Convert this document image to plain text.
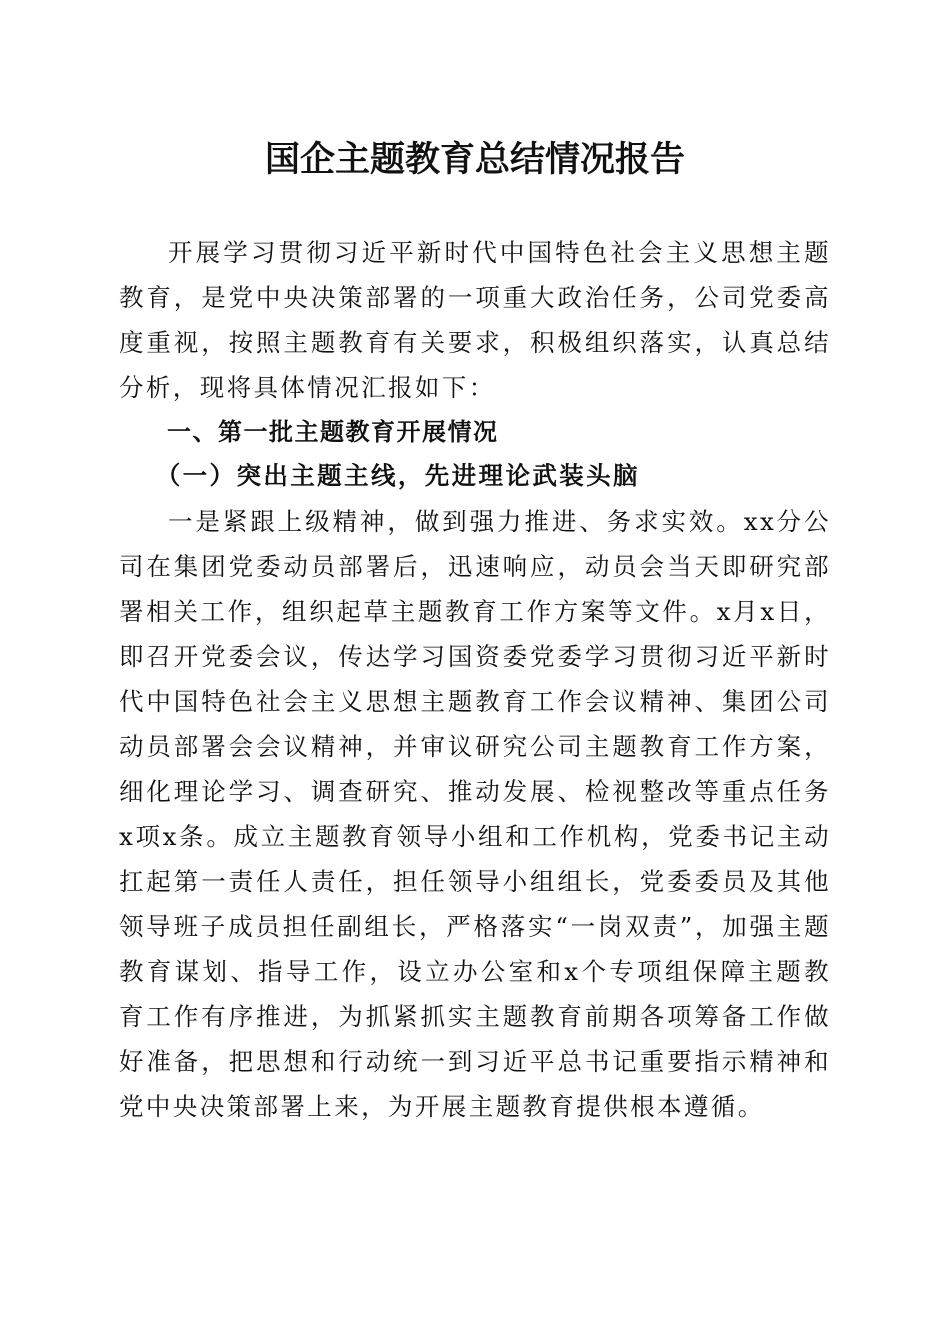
国企主题教育总结情况报告

开展学习贯彻习近平新时代中国特色社会主义思想主题教育，是党中央决策部署的一项重大政治任务，公司党委高度重视，按照主题教育有关要求，积极组织落实，认真总结分析，现将具体情况汇报如下：

一、第一批主题教育开展情况
（一）突出主题主线，先进理论武装头脑

一是紧跟上级精神，做到强力推进、务求实效。xx分公司在集团党委动员部署后，迅速响应，动员会当天即研究部署相关工作，组织起草主题教育工作方案等文件。x月x日，即召开党委会议，传达学习国资委党委学习贯彻习近平新时代中国特色社会主义思想主题教育工作会议精神、集团公司动员部署会会议精神，并审议研究公司主题教育工作方案，细化理论学习、调查研究、推动发展、检视整改等重点任务x项x条。成立主题教育领导小组和工作机构，党委书记主动扛起第一责任人责任，担任领导小组组长，党委委员及其他领导班子成员担任副组长，严格落实“一岗双责”，加强主题教育谋划、指导工作，设立办公室和x个专项组保障主题教育工作有序推进，为抓紧抓实主题教育前期各项筹备工作做好准备，把思想和行动统一到习近平总书记重要指示精神和党中央决策部署上来，为开展主题教育提供根本遵循。
